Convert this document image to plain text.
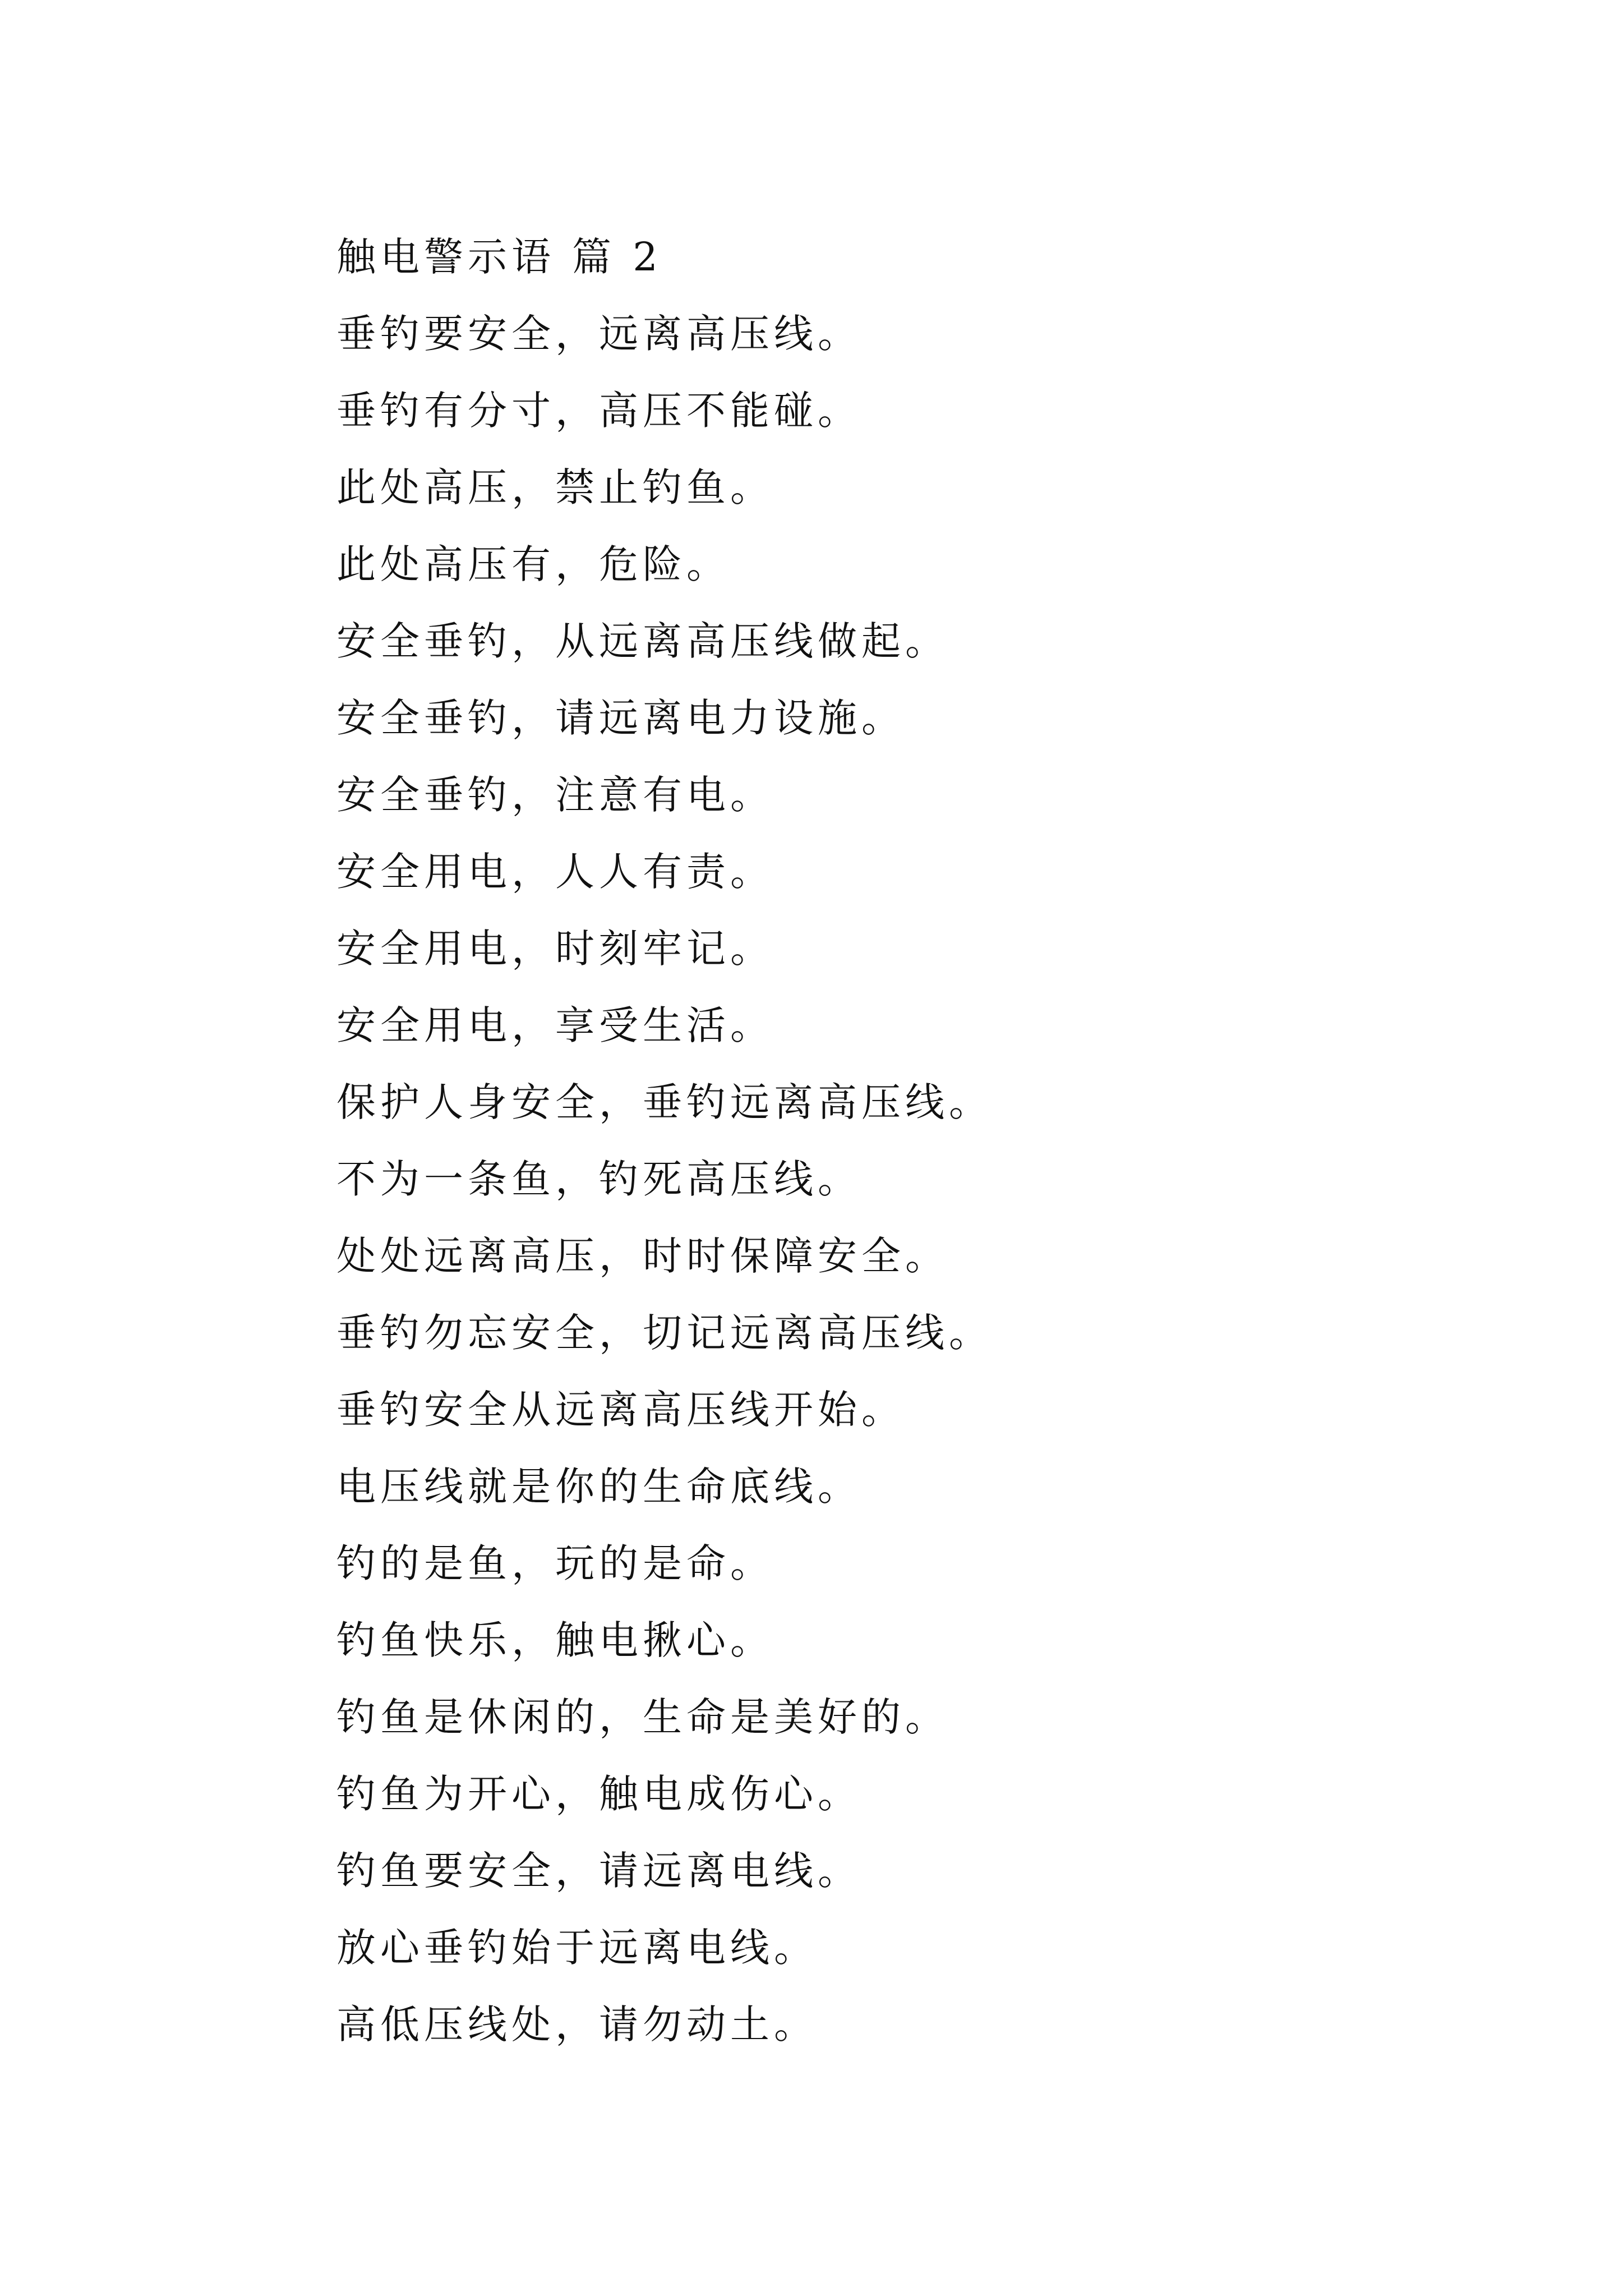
触电警示语 篇 2
垂钓要安全，远离高压线。
垂钓有分寸，高压不能碰。
此处高压，禁止钓鱼。
此处高压有，危险。
安全垂钓，从远离高压线做起。
安全垂钓，请远离电力设施。
安全垂钓，注意有电。
安全用电，人人有责。
安全用电，时刻牢记。
安全用电，享受生活。
保护人身安全，垂钓远离高压线。
不为一条鱼，钓死高压线。
处处远离高压，时时保障安全。
垂钓勿忘安全，切记远离高压线。
垂钓安全从远离高压线开始。
电压线就是你的生命底线。
钓的是鱼，玩的是命。
钓鱼快乐，触电揪心。
钓鱼是休闲的，生命是美好的。
钓鱼为开心，触电成伤心。
钓鱼要安全，请远离电线。
放心垂钓始于远离电线。
高低压线处，请勿动土。
